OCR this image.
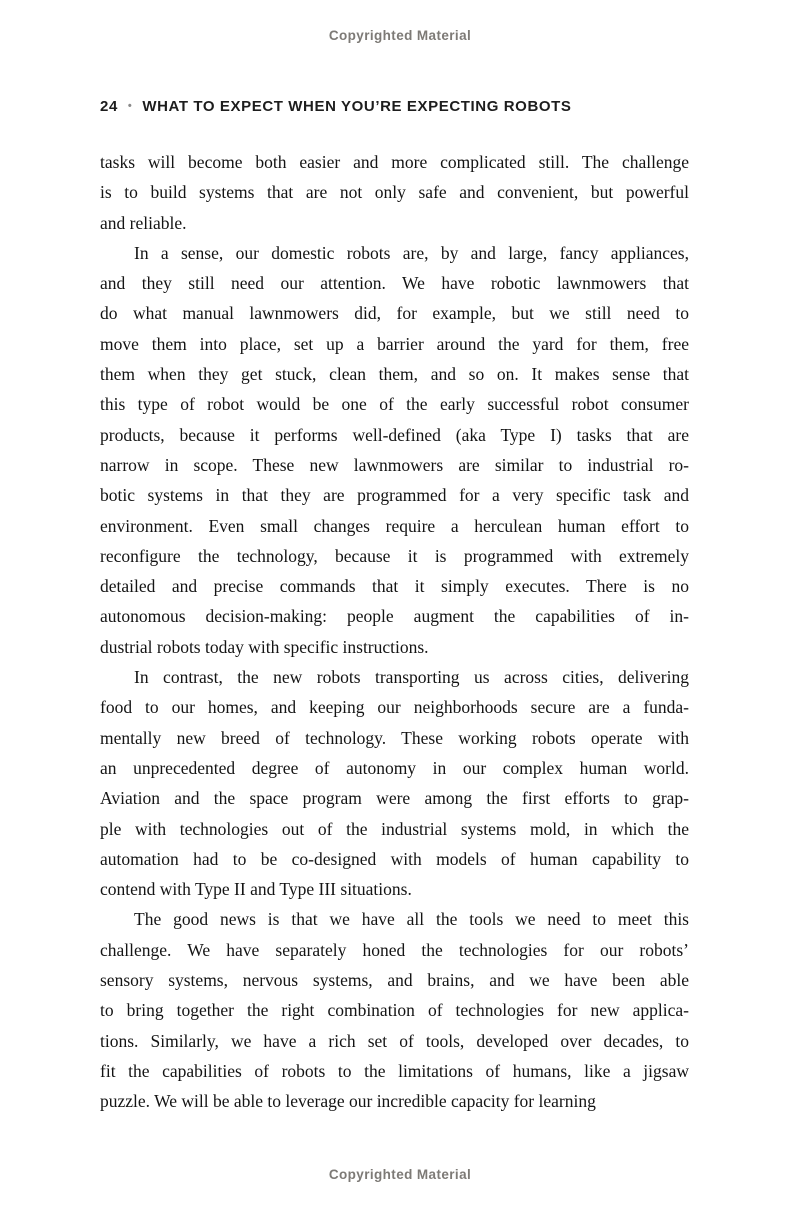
Copyrighted Material
24 • WHAT TO EXPECT WHEN YOU’RE EXPECTING ROBOTS
tasks will become both easier and more complicated still. The challenge
is to build systems that are not only safe and convenient, but powerful
and reliable.
In a sense, our domestic robots are, by and large, fancy appliances,
and they still need our attention. We have robotic lawnmowers that
do what manual lawnmowers did, for example, but we still need to
move them into place, set up a barrier around the yard for them, free
them when they get stuck, clean them, and so on. It makes sense that
this type of robot would be one of the early successful robot consumer
products, because it performs well-defined (aka Type I) tasks that are
narrow in scope. These new lawnmowers are similar to industrial ro-
botic systems in that they are programmed for a very specific task and
environment. Even small changes require a herculean human effort to
reconfigure the technology, because it is programmed with extremely
detailed and precise commands that it simply executes. There is no
autonomous decision-making: people augment the capabilities of in-
dustrial robots today with specific instructions.
In contrast, the new robots transporting us across cities, delivering
food to our homes, and keeping our neighborhoods secure are a funda-
mentally new breed of technology. These working robots operate with
an unprecedented degree of autonomy in our complex human world.
Aviation and the space program were among the first efforts to grap-
ple with technologies out of the industrial systems mold, in which the
automation had to be co-designed with models of human capability to
contend with Type II and Type III situations.
The good news is that we have all the tools we need to meet this
challenge. We have separately honed the technologies for our robots’
sensory systems, nervous systems, and brains, and we have been able
to bring together the right combination of technologies for new applica-
tions. Similarly, we have a rich set of tools, developed over decades, to
fit the capabilities of robots to the limitations of humans, like a jigsaw
puzzle. We will be able to leverage our incredible capacity for learning
Copyrighted Material
